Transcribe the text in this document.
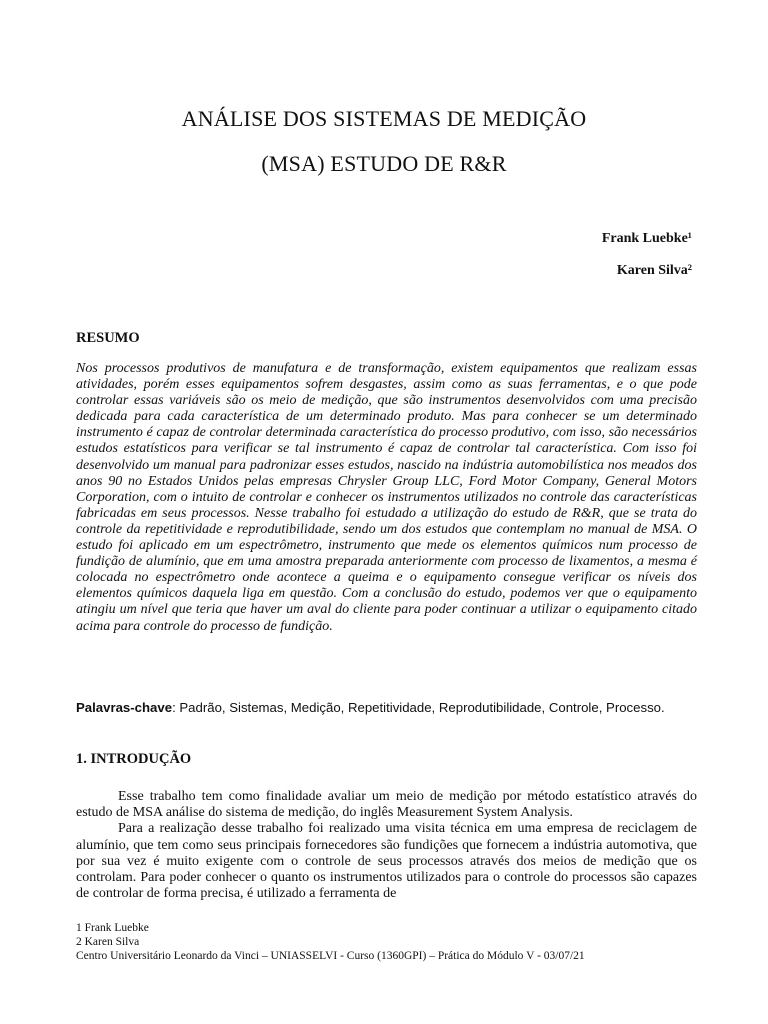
ANÁLISE DOS SISTEMAS DE MEDIÇÃO
(MSA) ESTUDO DE R&R
Frank Luebke¹
Karen Silva²
RESUMO

Nos processos produtivos de manufatura e de transformação, existem equipamentos que realizam essas atividades, porém esses equipamentos sofrem desgastes, assim como as suas ferramentas, e o que pode controlar essas variáveis são os meio de medição, que são instrumentos desenvolvidos com uma precisão dedicada para cada característica de um determinado produto. Mas para conhecer se um determinado instrumento é capaz de controlar determinada característica do processo produtivo, com isso, são necessários estudos estatísticos para verificar se tal instrumento é capaz de controlar tal característica. Com isso foi desenvolvido um manual para padronizar esses estudos, nascido na indústria automobilística nos meados dos anos 90 no Estados Unidos pelas empresas Chrysler Group LLC, Ford Motor Company, General Motors Corporation, com o intuito de controlar e conhecer os instrumentos utilizados no controle das características fabricadas em seus processos. Nesse trabalho foi estudado a utilização do estudo de R&R, que se trata do controle da repetitividade e reprodutibilidade, sendo um dos estudos que contemplam no manual de MSA. O estudo foi aplicado em um espectrômetro, instrumento que mede os elementos químicos num processo de fundição de alumínio, que em uma amostra preparada anteriormente com processo de lixamentos, a mesma é colocada no espectrômetro onde acontece a queima e o equipamento consegue verificar os níveis dos elementos químicos daquela liga em questão. Com a conclusão do estudo, podemos ver que o equipamento atingiu um nível que teria que haver um aval do cliente para poder continuar a utilizar o equipamento citado acima para controle do processo de fundição.

Palavras-chave: Padrão, Sistemas, Medição, Repetitividade, Reprodutibilidade, Controle, Processo.

1. INTRODUÇÃO

Esse trabalho tem como finalidade avaliar um meio de medição por método estatístico através do estudo de MSA análise do sistema de medição, do inglês Measurement System Analysis.

Para a realização desse trabalho foi realizado uma visita técnica em uma empresa de reciclagem de alumínio, que tem como seus principais fornecedores são fundições que fornecem a indústria automotiva, que por sua vez é muito exigente com o controle de seus processos através dos meios de medição que os controlam. Para poder conhecer o quanto os instrumentos utilizados para o controle do processos são capazes de controlar de forma precisa, é utilizado a ferramenta de

1 Frank Luebke
2 Karen Silva
Centro Universitário Leonardo da Vinci – UNIASSELVI - Curso (1360GPI) – Prática do Módulo V - 03/07/21
